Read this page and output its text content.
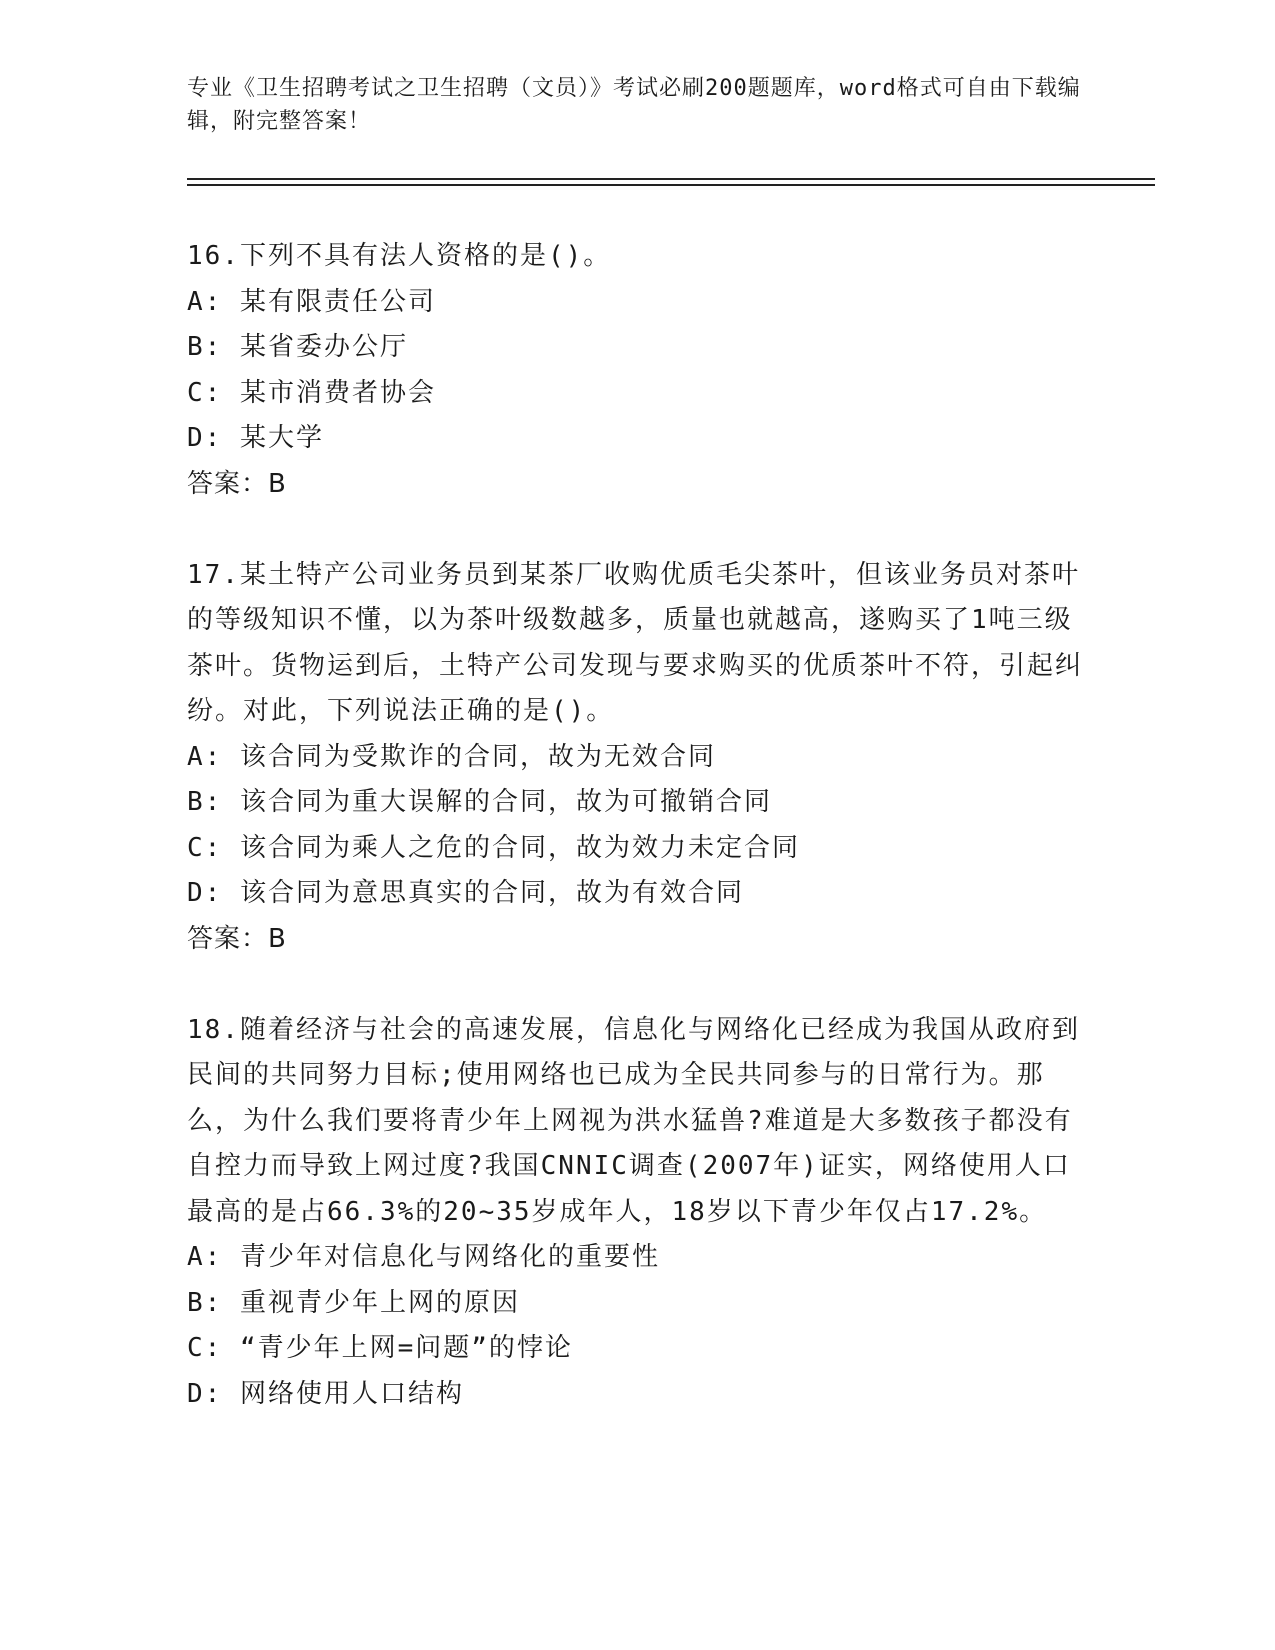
专业《卫生招聘考试之卫生招聘（文员）》考试必刷200题题库，word格式可自由下载编辑，附完整答案！

16.下列不具有法人资格的是()。

A: 某有限责任公司

B: 某省委办公厅

C: 某市消费者协会

D: 某大学

答案：B

17.某土特产公司业务员到某茶厂收购优质毛尖茶叶，但该业务员对茶叶的等级知识不懂，以为茶叶级数越多，质量也就越高，遂购买了1吨三级茶叶。货物运到后，土特产公司发现与要求购买的优质茶叶不符，引起纠纷。对此，下列说法正确的是()。

A: 该合同为受欺诈的合同，故为无效合同

B: 该合同为重大误解的合同，故为可撤销合同

C: 该合同为乘人之危的合同，故为效力未定合同

D: 该合同为意思真实的合同，故为有效合同

答案：B

18.随着经济与社会的高速发展，信息化与网络化已经成为我国从政府到民间的共同努力目标;使用网络也已成为全民共同参与的日常行为。那么，为什么我们要将青少年上网视为洪水猛兽?难道是大多数孩子都没有自控力而导致上网过度?我国CNNIC调查(2007年)证实，网络使用人口最高的是占66.3%的20~35岁成年人，18岁以下青少年仅占17.2%。

A: 青少年对信息化与网络化的重要性

B: 重视青少年上网的原因

C: “青少年上网=问题”的悖论

D: 网络使用人口结构
